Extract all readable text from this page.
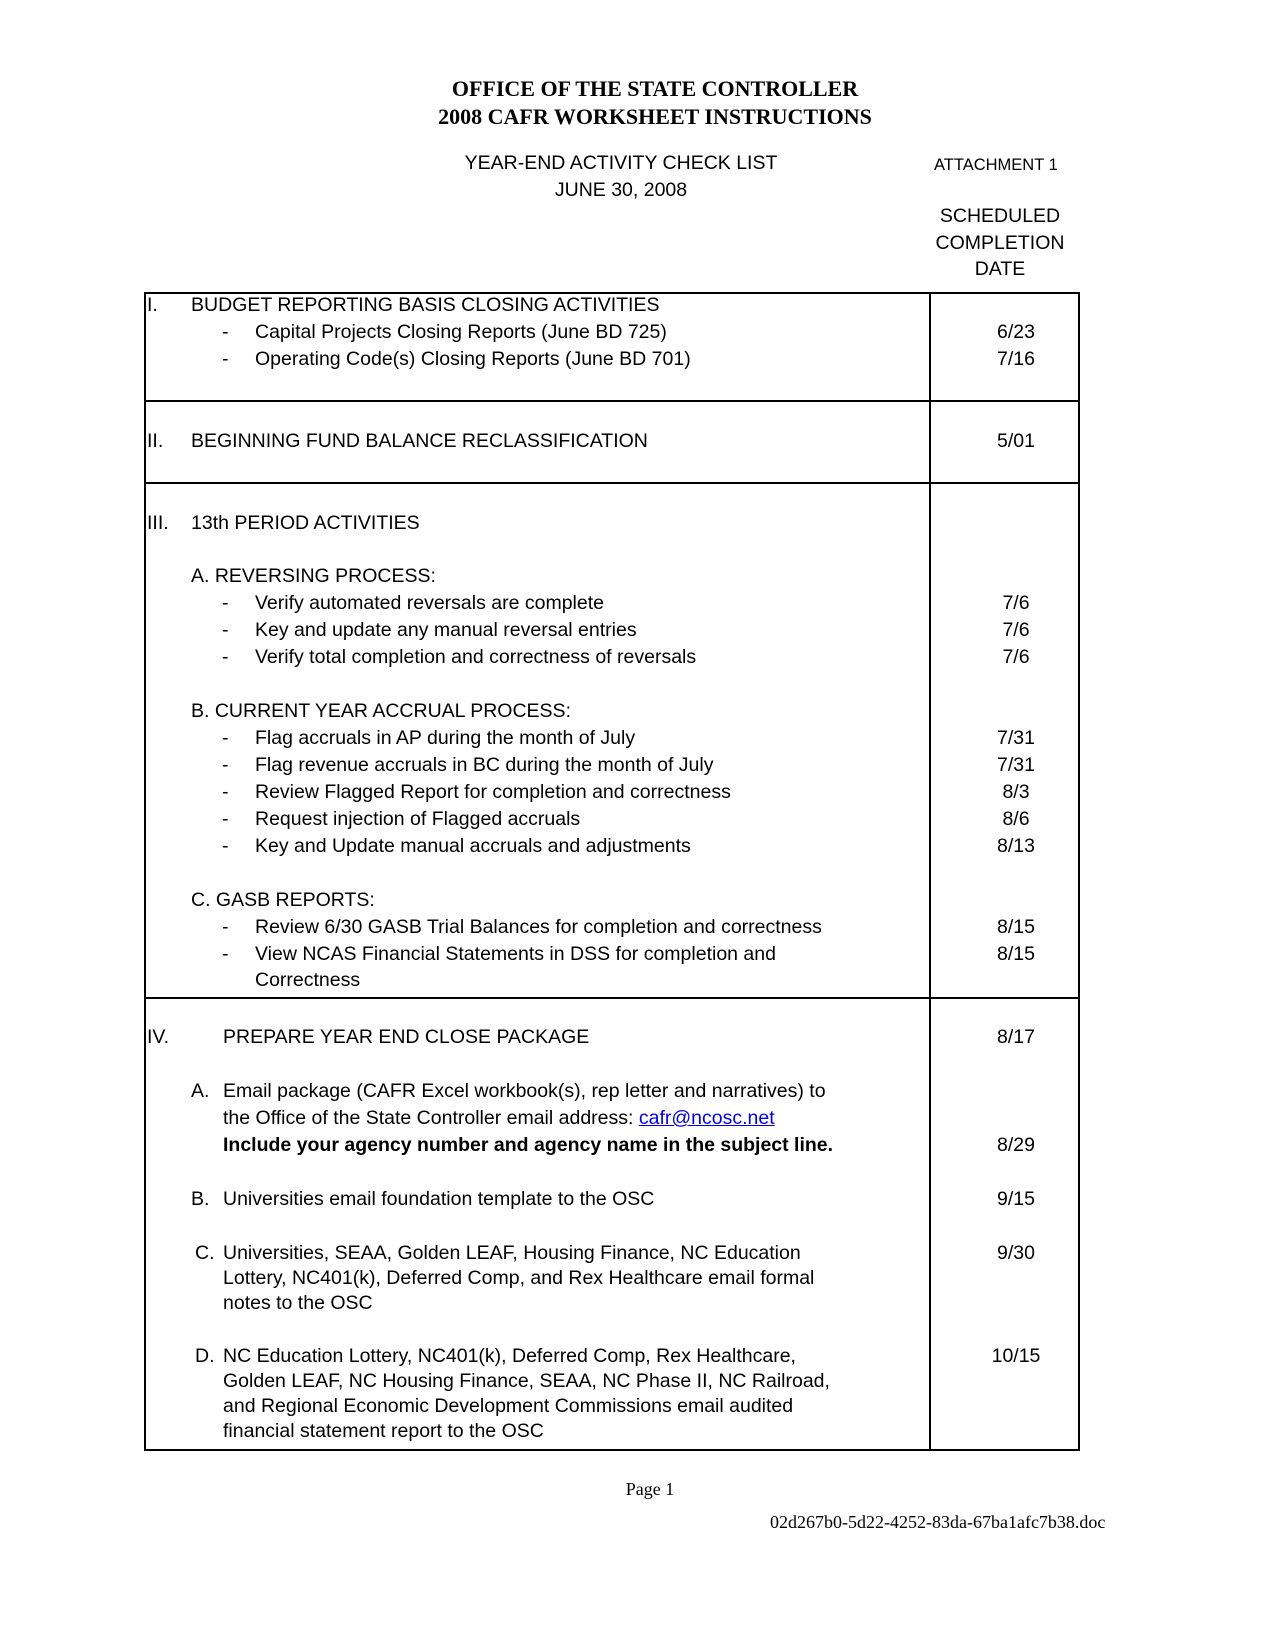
OFFICE OF THE STATE CONTROLLER
2008 CAFR WORKSHEET INSTRUCTIONS
YEAR-END ACTIVITY CHECK LIST
JUNE 30, 2008
ATTACHMENT 1
SCHEDULED
COMPLETION
DATE
I. BUDGET REPORTING BASIS CLOSING ACTIVITIES
- Capital Projects Closing Reports (June BD 725)	6/23
- Operating Code(s) Closing Reports (June BD 701)	7/16
II. BEGINNING FUND BALANCE RECLASSIFICATION	5/01
III. 13th PERIOD ACTIVITIES
A. REVERSING PROCESS:
- Verify automated reversals are complete	7/6
- Key and update any manual reversal entries	7/6
- Verify total completion and correctness of reversals	7/6
B. CURRENT YEAR ACCRUAL PROCESS:
- Flag accruals in AP during the month of July	7/31
- Flag revenue accruals in BC during the month of July	7/31
- Review Flagged Report for completion and correctness	8/3
- Request injection of Flagged accruals	8/6
- Key and Update manual accruals and adjustments	8/13
C. GASB REPORTS:
- Review 6/30 GASB Trial Balances for completion and correctness	8/15
- View NCAS Financial Statements in DSS for completion and	8/15
Correctness
IV.	PREPARE YEAR END CLOSE PACKAGE	8/17
A. Email package (CAFR Excel workbook(s), rep letter and narratives) to
the Office of the State Controller email address: cafr@ncosc.net
Include your agency number and agency name in the subject line.	8/29
B. Universities email foundation template to the OSC	9/15
C. Universities, SEAA, Golden LEAF, Housing Finance, NC Education
Lottery, NC401(k), Deferred Comp, and Rex Healthcare email formal
notes to the OSC
9/30
D. NC Education Lottery, NC401(k), Deferred Comp, Rex Healthcare,
Golden LEAF, NC Housing Finance, SEAA, NC Phase II, NC Railroad,
and Regional Economic Development Commissions email audited
financial statement report to the OSC
10/15
Page 1
02d267b0-5d22-4252-83da-67ba1afc7b38.doc
